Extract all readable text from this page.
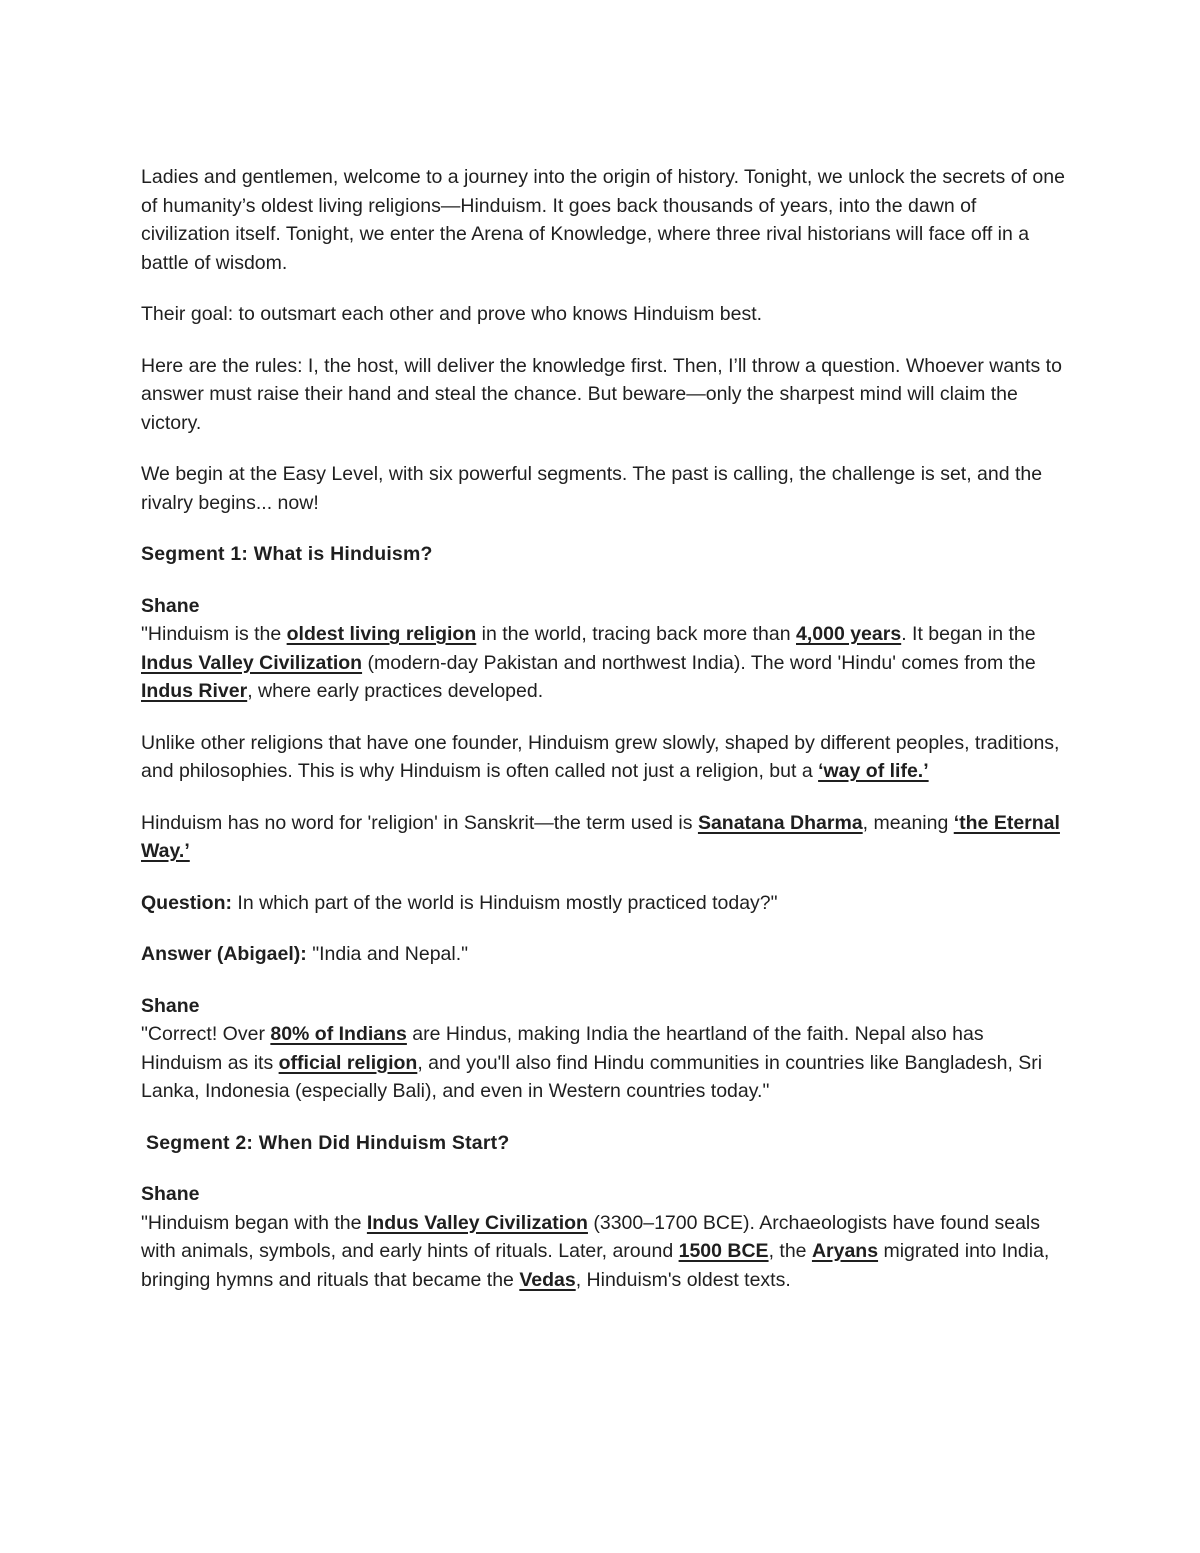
Ladies and gentlemen, welcome to a journey into the origin of history. Tonight, we unlock the secrets of one of humanity’s oldest living religions—Hinduism. It goes back thousands of years, into the dawn of civilization itself. Tonight, we enter the Arena of Knowledge, where three rival historians will face off in a battle of wisdom.

Their goal: to outsmart each other and prove who knows Hinduism best.

Here are the rules: I, the host, will deliver the knowledge first. Then, I’ll throw a question. Whoever wants to answer must raise their hand and steal the chance. But beware—only the sharpest mind will claim the victory.

We begin at the Easy Level, with six powerful segments. The past is calling, the challenge is set, and the rivalry begins... now!

Segment 1: What is Hinduism?

Shane
"Hinduism is the oldest living religion in the world, tracing back more than 4,000 years. It began in the Indus Valley Civilization (modern-day Pakistan and northwest India). The word 'Hindu' comes from the Indus River, where early practices developed.

Unlike other religions that have one founder, Hinduism grew slowly, shaped by different peoples, traditions, and philosophies. This is why Hinduism is often called not just a religion, but a ‘way of life.’

Hinduism has no word for 'religion' in Sanskrit—the term used is Sanatana Dharma, meaning ‘the Eternal Way.’

Question: In which part of the world is Hinduism mostly practiced today?"

Answer (Abigael): "India and Nepal."

Shane
"Correct! Over 80% of Indians are Hindus, making India the heartland of the faith. Nepal also has Hinduism as its official religion, and you'll also find Hindu communities in countries like Bangladesh, Sri Lanka, Indonesia (especially Bali), and even in Western countries today."

Segment 2: When Did Hinduism Start?

Shane
"Hinduism began with the Indus Valley Civilization (3300–1700 BCE). Archaeologists have found seals with animals, symbols, and early hints of rituals. Later, around 1500 BCE, the Aryans migrated into India, bringing hymns and rituals that became the Vedas, Hinduism's oldest texts.
